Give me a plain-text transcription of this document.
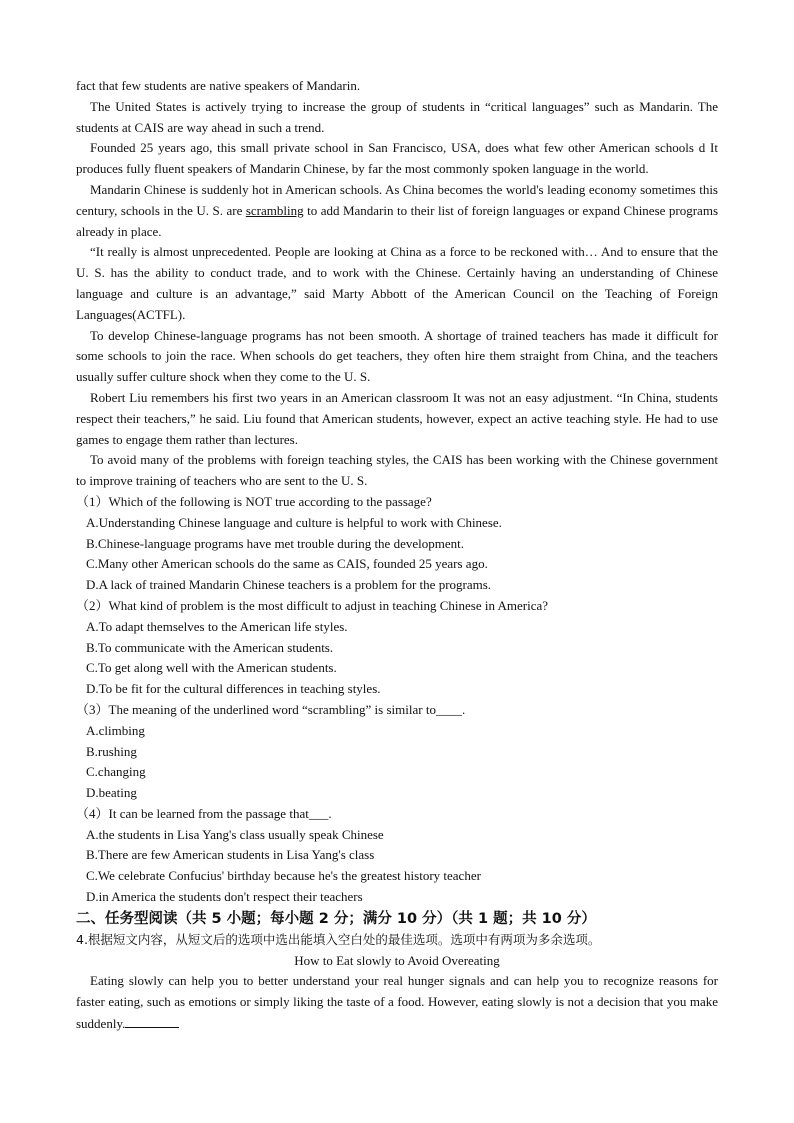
fact that few students are native speakers of Mandarin.

The United States is actively trying to increase the group of students in “critical languages” such as Mandarin. The students at CAIS are way ahead in such a trend.

Founded 25 years ago, this small private school in San Francisco, USA, does what few other American schools d It produces fully fluent speakers of Mandarin Chinese, by far the most commonly spoken language in the world.

Mandarin Chinese is suddenly hot in American schools. As China becomes the world's leading economy sometimes this century, schools in the U. S. are scrambling to add Mandarin to their list of foreign languages or expand Chinese programs already in place.

“It really is almost unprecedented. People are looking at China as a force to be reckoned with… And to ensure that the U. S. has the ability to conduct trade, and to work with the Chinese. Certainly having an understanding of Chinese language and culture is an advantage,” said Marty Abbott of the American Council on the Teaching of Foreign Languages(ACTFL).

To develop Chinese-language programs has not been smooth. A shortage of trained teachers has made it difficult for some schools to join the race. When schools do get teachers, they often hire them straight from China, and the teachers usually suffer culture shock when they come to the U. S.

Robert Liu remembers his first two years in an American classroom It was not an easy adjustment. “In China, students respect their teachers,” he said. Liu found that American students, however, expect an active teaching style. He had to use games to engage them rather than lectures.

To avoid many of the problems with foreign teaching styles, the CAIS has been working with the Chinese government to improve training of teachers who are sent to the U. S.

（1）Which of the following is NOT true according to the passage?

A.Understanding Chinese language and culture is helpful to work with Chinese.

B.Chinese-language programs have met trouble during the development.

C.Many other American schools do the same as CAIS, founded 25 years ago.

D.A lack of trained Mandarin Chinese teachers is a problem for the programs.

（2）What kind of problem is the most difficult to adjust in teaching Chinese in America?

A.To adapt themselves to the American life styles.

B.To communicate with the American students.

C.To get along well with the American students.

D.To be fit for the cultural differences in teaching styles.

（3）The meaning of the underlined word “scrambling” is similar to____.

A.climbing

B.rushing

C.changing

D.beating

（4）It can be learned from the passage that___.

A.the students in Lisa Yang's class usually speak Chinese

B.There are few American students in Lisa Yang's class

C.We celebrate Confucius' birthday because he's the greatest history teacher

D.in America the students don't respect their teachers

二、任务型阅读（共 5 小题；每小题 2 分；满分 10 分）（共 1 题；共 10 分）

4.根据短文内容，从短文后的选项中选出能填入空白处的最佳选项。选项中有两项为多余选项。

How to Eat slowly to Avoid Overeating

Eating slowly can help you to better understand your real hunger signals and can help you to recognize reasons for faster eating, such as emotions or simply liking the taste of a food. However, eating slowly is not a decision that you make suddenly.
